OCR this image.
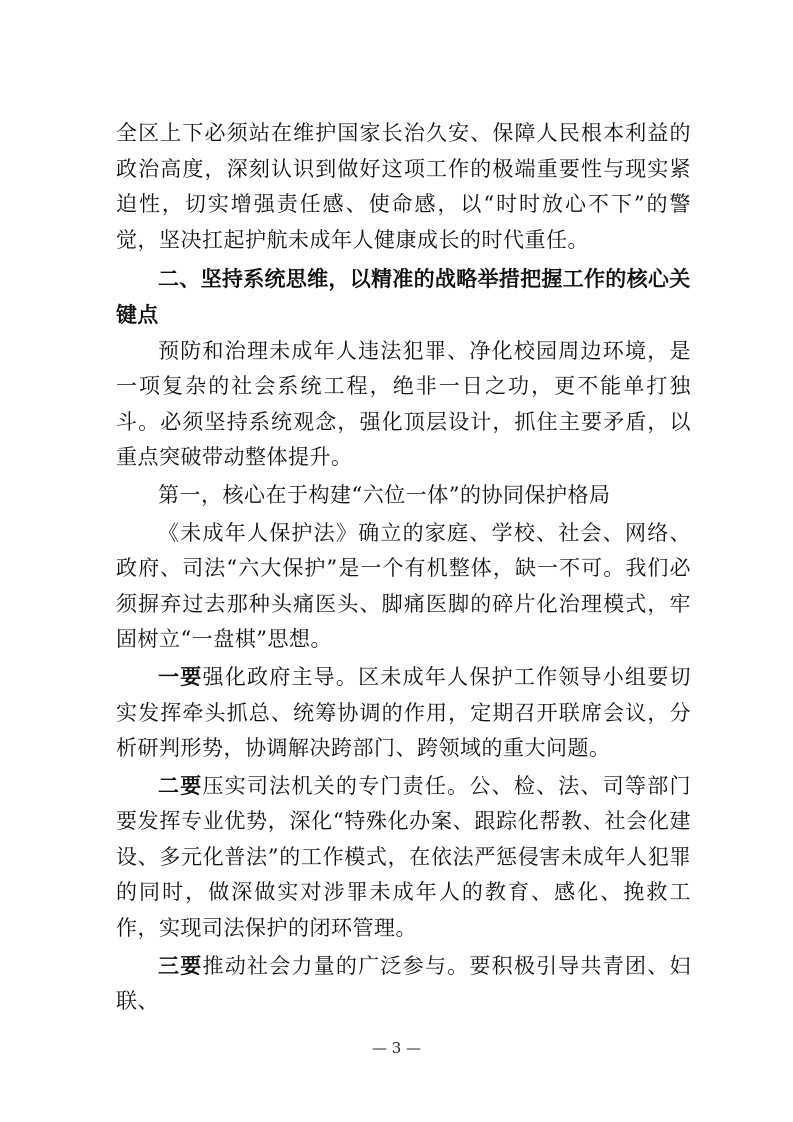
全区上下必须站在维护国家长治久安、保障人民根本利益的政治高度，深刻认识到做好这项工作的极端重要性与现实紧迫性，切实增强责任感、使命感，以“时时放心不下”的警觉，坚决扛起护航未成年人健康成长的时代重任。

二、坚持系统思维，以精准的战略举措把握工作的核心关键点

预防和治理未成年人违法犯罪、净化校园周边环境，是一项复杂的社会系统工程，绝非一日之功，更不能单打独斗。必须坚持系统观念，强化顶层设计，抓住主要矛盾，以重点突破带动整体提升。

第一，核心在于构建“六位一体”的协同保护格局

《未成年人保护法》确立的家庭、学校、社会、网络、政府、司法“六大保护”是一个有机整体，缺一不可。我们必须摒弃过去那种头痛医头、脚痛医脚的碎片化治理模式，牢固树立“一盘棋”思想。

一要强化政府主导。区未成年人保护工作领导小组要切实发挥牵头抓总、统筹协调的作用，定期召开联席会议，分析研判形势，协调解决跨部门、跨领域的重大问题。

二要压实司法机关的专门责任。公、检、法、司等部门要发挥专业优势，深化“特殊化办案、跟踪化帮教、社会化建设、多元化普法”的工作模式，在依法严惩侵害未成年人犯罪的同时，做深做实对涉罪未成年人的教育、感化、挽救工作，实现司法保护的闭环管理。

三要推动社会力量的广泛参与。要积极引导共青团、妇联、

— 3 —
